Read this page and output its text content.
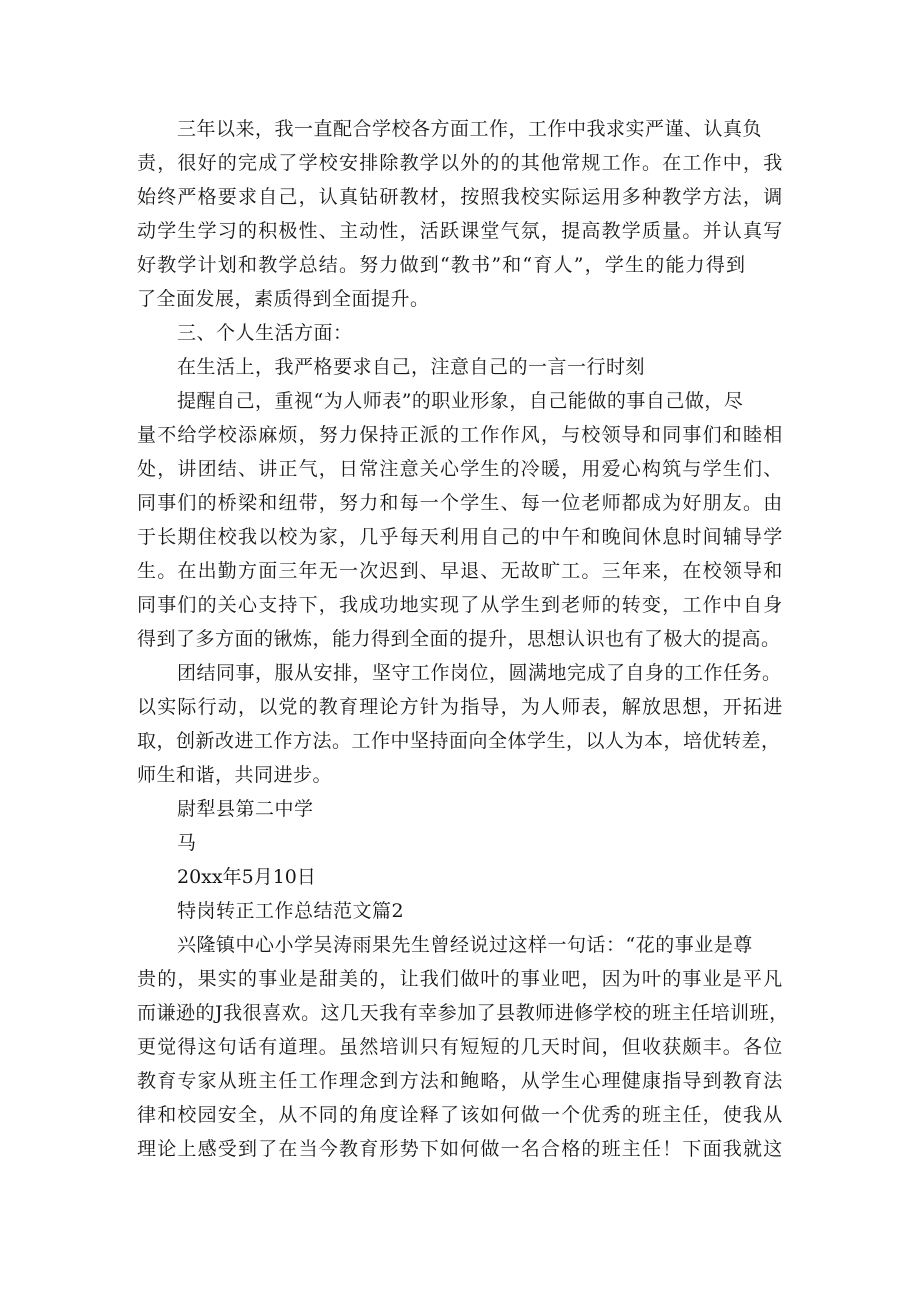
三年以来，我一直配合学校各方面工作，工作中我求实严谨、认真负

责，很好的完成了学校安排除教学以外的的其他常规工作。在工作中，我

始终严格要求自己，认真钻研教材，按照我校实际运用多种教学方法，调

动学生学习的积极性、主动性，活跃课堂气氛，提高教学质量。并认真写

好教学计划和教学总结。努力做到“教书”和“育人”，学生的能力得到

了全面发展，素质得到全面提升。

三、个人生活方面：

在生活上，我严格要求自己，注意自己的一言一行时刻

提醒自己，重视“为人师表”的职业形象，自己能做的事自己做，尽

量不给学校添麻烦，努力保持正派的工作作风，与校领导和同事们和睦相

处，讲团结、讲正气，日常注意关心学生的冷暖，用爱心构筑与学生们、

同事们的桥梁和纽带，努力和每一个学生、每一位老师都成为好朋友。由

于长期住校我以校为家，几乎每天利用自己的中午和晚间休息时间辅导学

生。在出勤方面三年无一次迟到、早退、无故旷工。三年来，在校领导和

同事们的关心支持下，我成功地实现了从学生到老师的转变，工作中自身

得到了多方面的锹炼，能力得到全面的提升，思想认识也有了极大的提高。

团结同事，服从安排，坚守工作岗位，圆满地完成了自身的工作任务。

以实际行动，以党的教育理论方针为指导，为人师表，解放思想，开拓进

取，创新改进工作方法。工作中坚持面向全体学生，以人为本，培优转差，

师生和谐，共同进步。

尉犁县第二中学

马

20xx年5月10日

特岗转正工作总结范文篇2

兴隆镇中心小学吴涛雨果先生曾经说过这样一句话：“花的事业是尊

贵的，果实的事业是甜美的，让我们做叶的事业吧，因为叶的事业是平凡

而谦逊的J我很喜欢。这几天我有幸参加了县教师进修学校的班主任培训班，

更觉得这句话有道理。虽然培训只有短短的几天时间，但收获颇丰。各位

教育专家从班主任工作理念到方法和鲍略，从学生心理健康指导到教育法

律和校园安全，从不同的角度诠释了该如何做一个优秀的班主任，使我从

理论上感受到了在当今教育形势下如何做一名合格的班主任！下面我就这
